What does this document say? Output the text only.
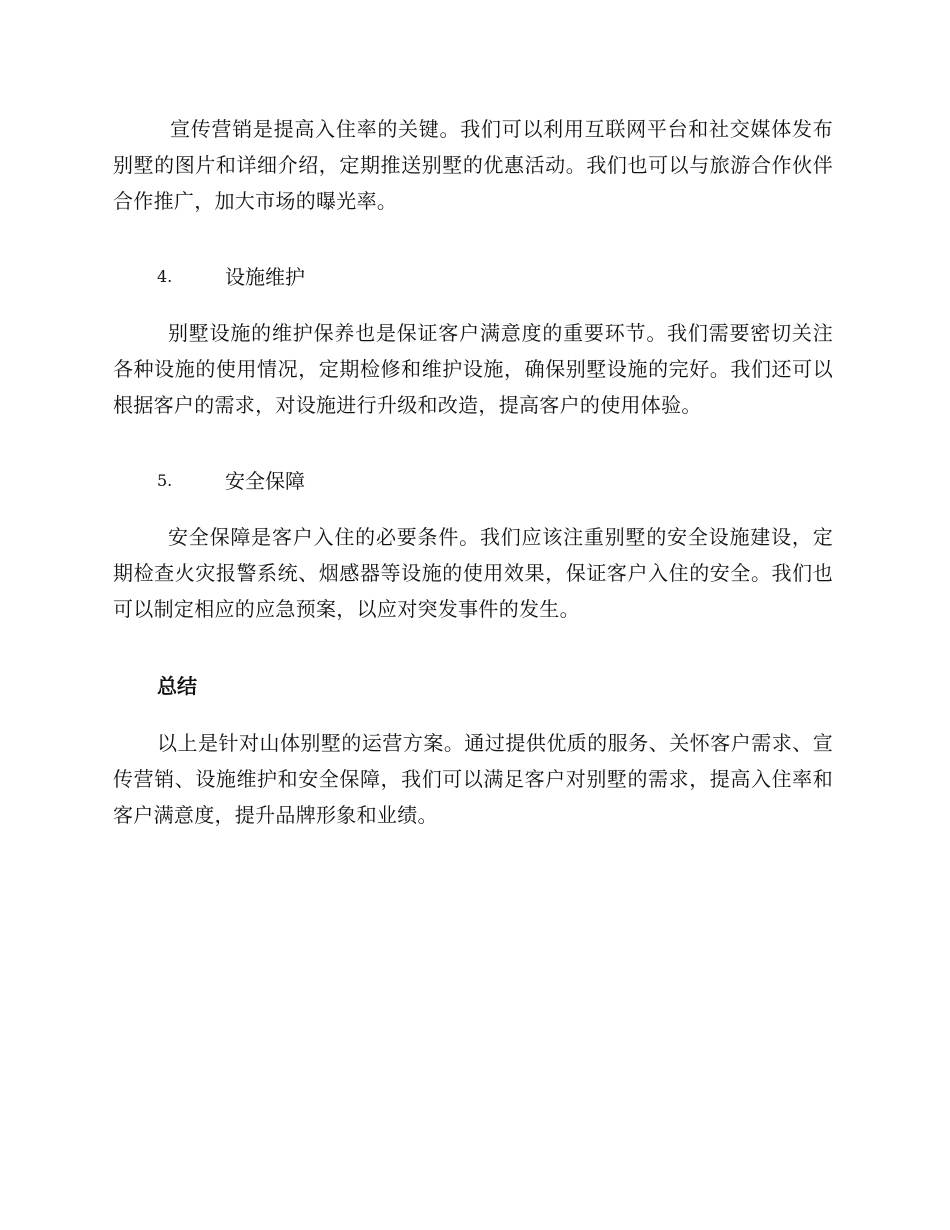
宣传营销是提高入住率的关键。我们可以利用互联网平台和社交媒体发布别墅的图片和详细介绍，定期推送别墅的优惠活动。我们也可以与旅游合作伙伴合作推广，加大市场的曝光率。

4.	设施维护

别墅设施的维护保养也是保证客户满意度的重要环节。我们需要密切关注各种设施的使用情况，定期检修和维护设施，确保别墅设施的完好。我们还可以根据客户的需求，对设施进行升级和改造，提高客户的使用体验。

5.	安全保障

安全保障是客户入住的必要条件。我们应该注重别墅的安全设施建设，定期检查火灾报警系统、烟感器等设施的使用效果，保证客户入住的安全。我们也可以制定相应的应急预案，以应对突发事件的发生。

总结

以上是针对山体别墅的运营方案。通过提供优质的服务、关怀客户需求、宣传营销、设施维护和安全保障，我们可以满足客户对别墅的需求，提高入住率和客户满意度，提升品牌形象和业绩。
